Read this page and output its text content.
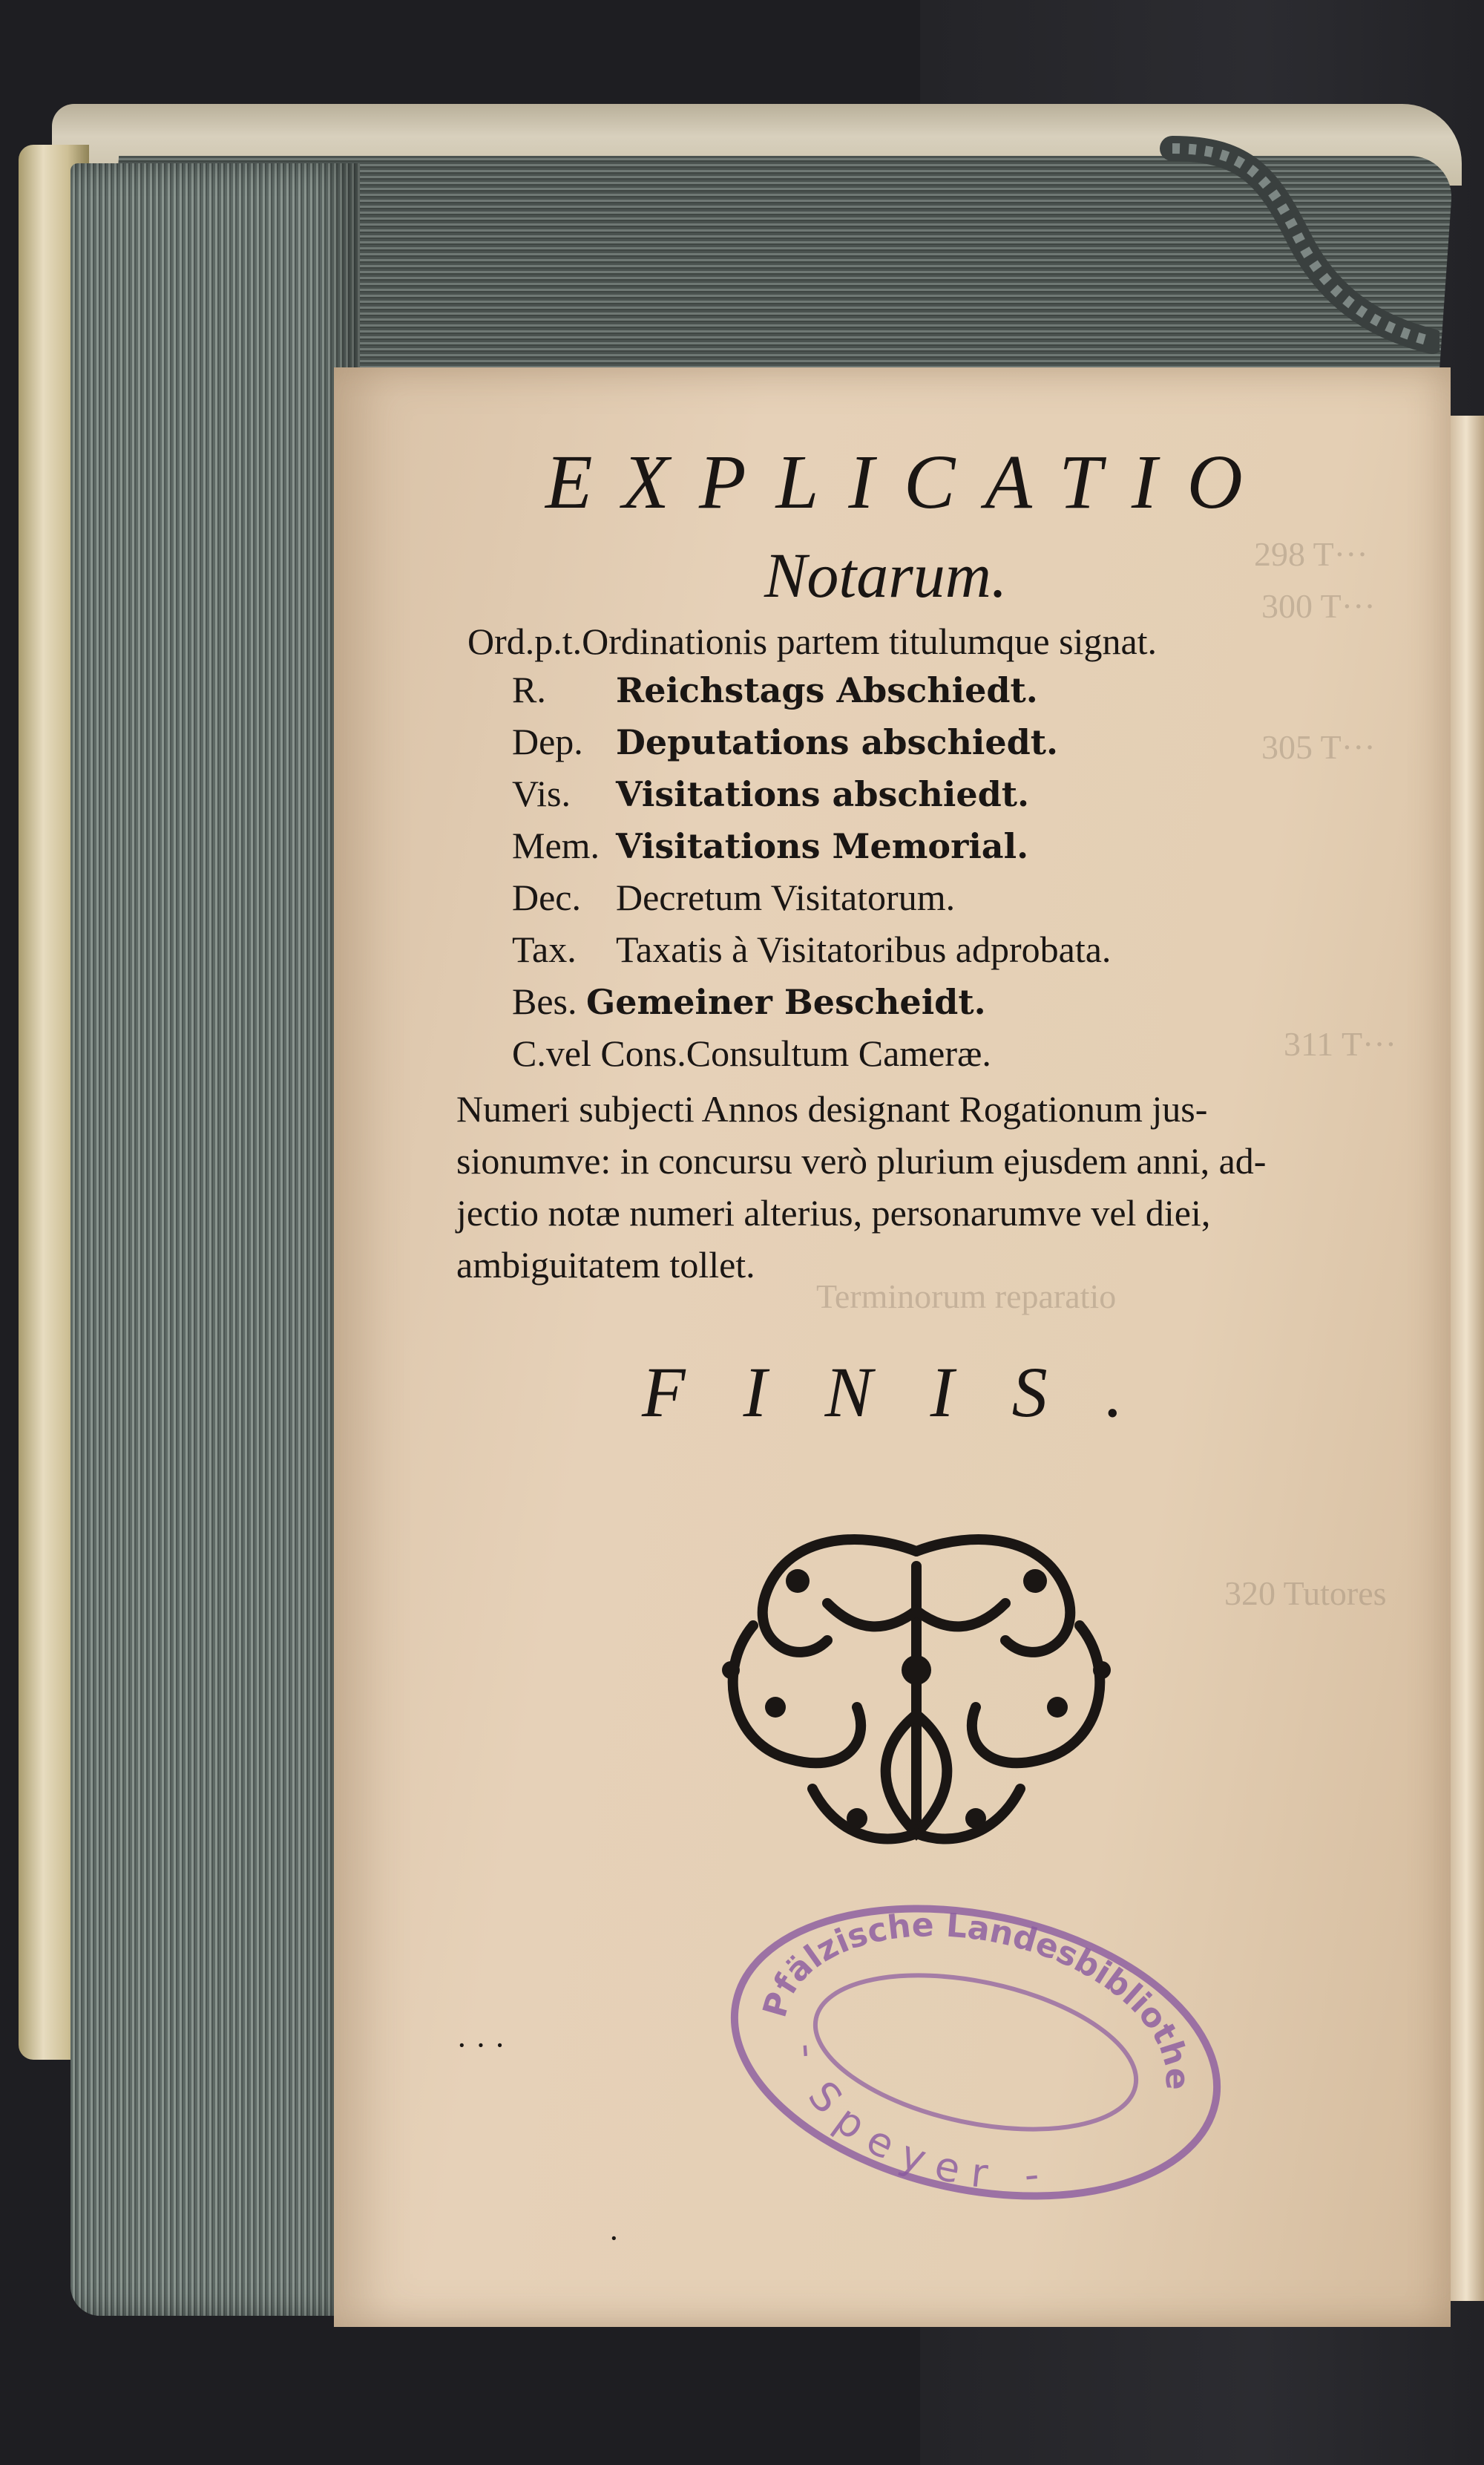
298 T···
300 T···
305 T···
311 T···
Terminorum reparatio
320 Tutores
EXPLICATIO
Notarum.
Ord.p.t.Ordinationis partem titulumque signat.
R. Reichstags Abschiedt.
Dep. Deputations abschiedt.
Vis. Visitations abschiedt.
Mem. Visitations Memorial.
Dec. Decretum Visitatorum.
Tax. Taxatis à Visitatoribus adprobata.
Bes. Gemeiner Bescheidt.
C.vel Cons.Consultum Cameræ.
Numeri subjecti Annos designant Rogationum jus-
sionumve: in concursu verò plurium ejusdem anni, ad-
jectio notæ numeri alterius, personarumve vel diei,
ambiguitatem tollet.
FINIS.
Pfälzische Landesbibliothek
- Speyer -
· · ·
·
